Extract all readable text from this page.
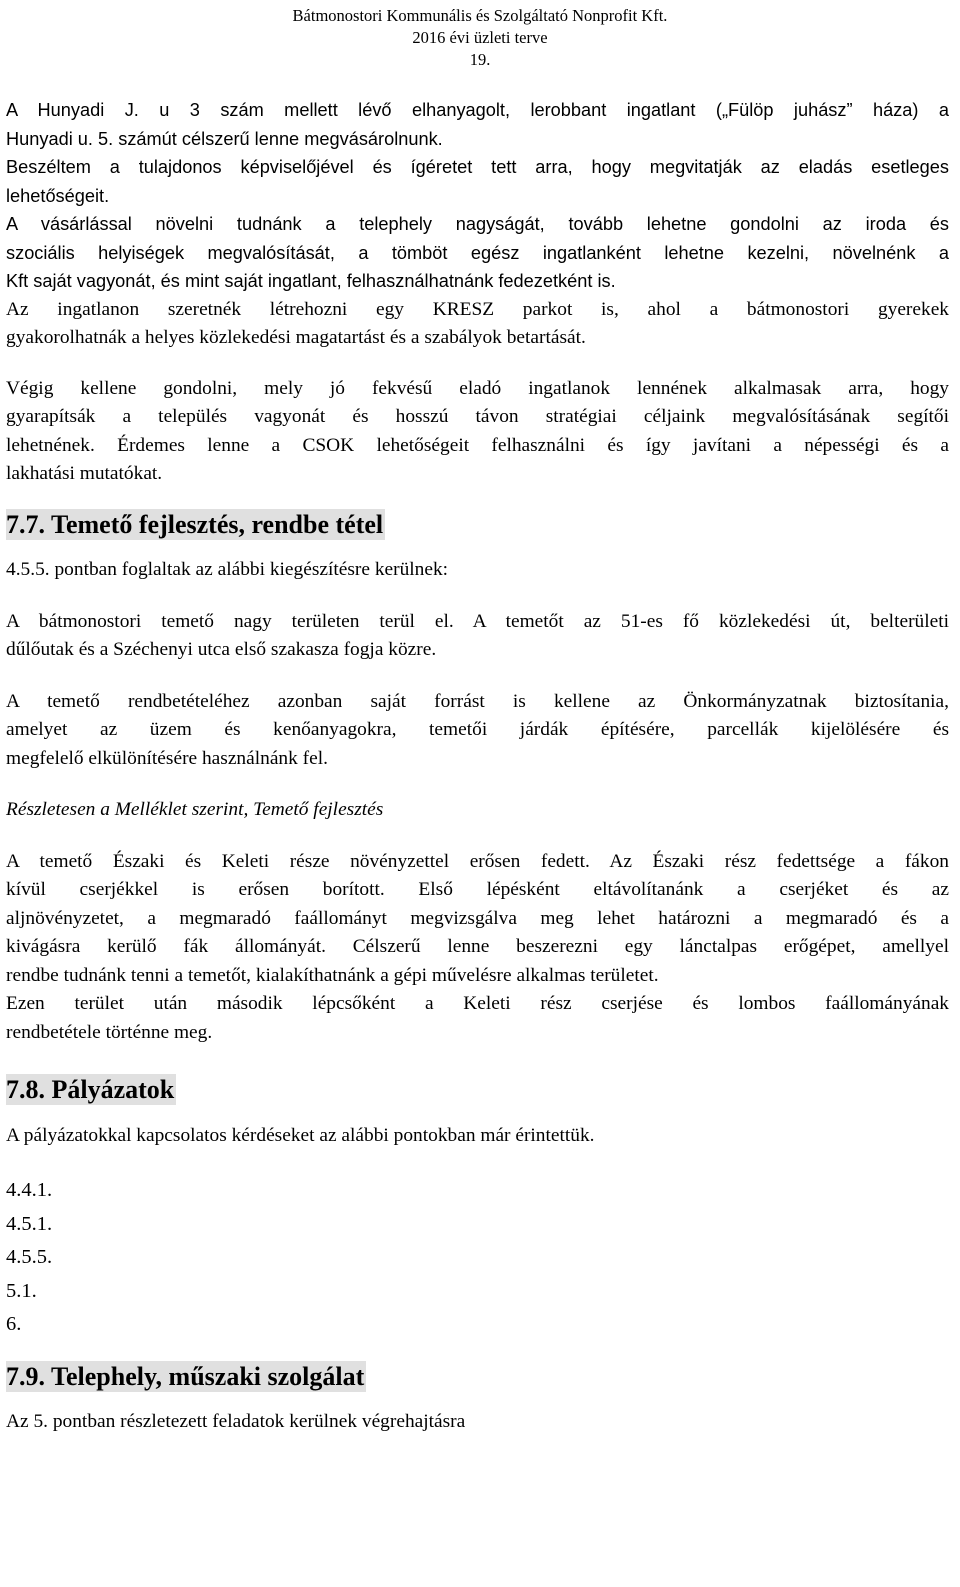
Bátmonostori Kommunális és Szolgáltató Nonprofit Kft.
2016 évi üzleti terve
19.

A Hunyadi J. u 3 szám mellett lévő elhanyagolt, lerobbant ingatlant („Fülöp juhász” háza) a

Hunyadi u. 5. számút célszerű lenne megvásárolnunk.

Beszéltem a tulajdonos képviselőjével és ígéretet tett arra, hogy megvitatják az eladás esetleges

lehetőségeit.

A vásárlással növelni tudnánk a telephely nagyságát, tovább lehetne gondolni az iroda és

szociális helyiségek megvalósítását, a tömböt egész ingatlanként lehetne kezelni, növelnénk a

Kft saját vagyonát, és mint saját ingatlant, felhasználhatnánk fedezetként is.

Az ingatlanon szeretnék létrehozni egy KRESZ parkot is, ahol a bátmonostori gyerekek

gyakorolhatnák a helyes közlekedési magatartást és a szabályok betartását.

Végig kellene gondolni, mely jó fekvésű eladó ingatlanok lennének alkalmasak arra, hogy

gyarapítsák a település vagyonát és hosszú távon stratégiai céljaink megvalósításának segítői

lehetnének. Érdemes lenne a CSOK lehetőségeit felhasználni és így javítani a népességi és a

lakhatási mutatókat.

7.7. Temető fejlesztés, rendbe tétel

4.5.5. pontban foglaltak az alábbi kiegészítésre kerülnek:

A bátmonostori temető nagy területen terül el. A temetőt az 51-es fő közlekedési út, belterületi

dűlőutak és a Széchenyi utca első szakasza fogja közre.

A temető rendbetételéhez azonban saját forrást is kellene az Önkormányzatnak biztosítania,

amelyet az üzem és kenőanyagokra, temetői járdák építésére, parcellák kijelölésére és

megfelelő elkülönítésére használnánk fel.

Részletesen a Melléklet szerint, Temető fejlesztés

A temető Északi és Keleti része növényzettel erősen fedett. Az Északi rész fedettsége a fákon

kívül cserjékkel is erősen borított. Első lépésként eltávolítanánk a cserjéket és az

aljnövényzetet, a megmaradó faállományt megvizsgálva meg lehet határozni a megmaradó és a

kivágásra kerülő fák állományát. Célszerű lenne beszerezni egy lánctalpas erőgépet, amellyel

rendbe tudnánk tenni a temetőt, kialakíthatnánk a gépi művelésre alkalmas területet.

Ezen terület után második lépcsőként a Keleti rész cserjése és lombos faállományának

rendbetétele történne meg.

7.8. Pályázatok

A pályázatokkal kapcsolatos kérdéseket az alábbi pontokban már érintettük.

4.4.1.
4.5.1.
4.5.5.
5.1.
6.
7.9. Telephely, műszaki szolgálat

Az 5. pontban részletezett feladatok kerülnek végrehajtásra
